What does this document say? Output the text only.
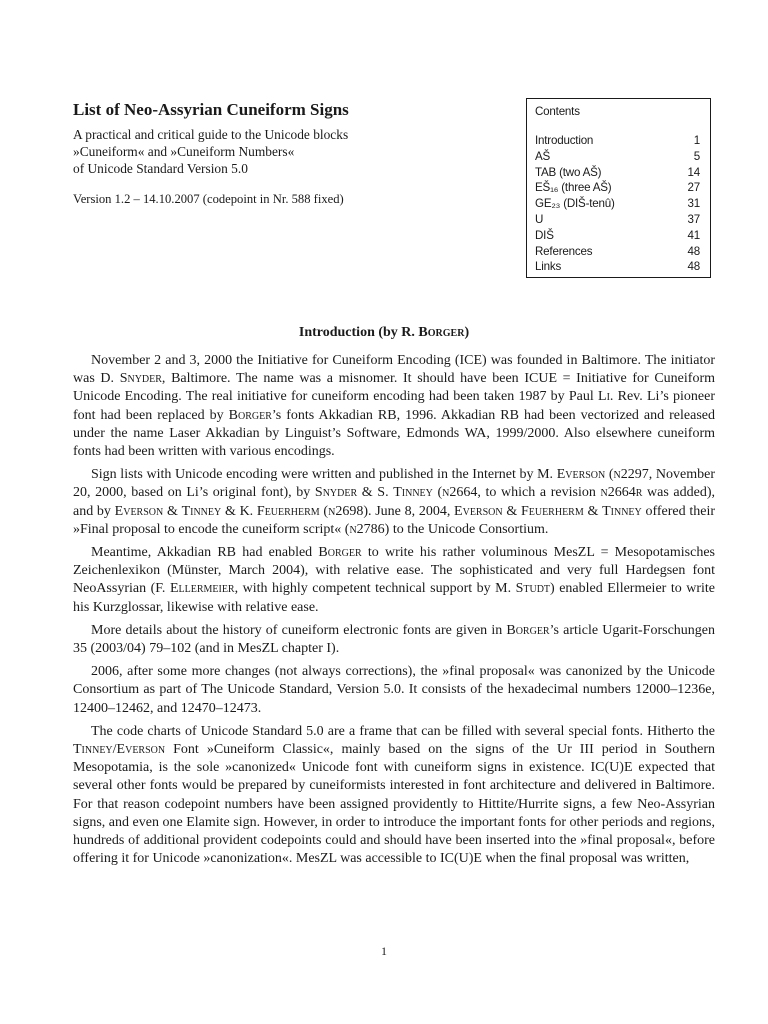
List of Neo-Assyrian Cuneiform Signs
A practical and critical guide to the Unicode blocks
»Cuneiform« and »Cuneiform Numbers«
of Unicode Standard Version 5.0
Version 1.2 – 14.10.2007 (codepoint in Nr. 588 fixed)
Contents
Introduction	1
AŠ	5
TAB (two AŠ)	14
EŠ₁₆ (three AŠ)	27
GE₂₃ (DIŠ-tenû)	31
U	37
DIŠ	41
References	48
Links	48
Introduction (by R. Borger)

November 2 and 3, 2000 the Initiative for Cuneiform Encoding (ICE) was founded in Baltimore. The initiator was D. Snyder, Baltimore. The name was a misnomer. It should have been ICUE = Initiative for Cuneiform Unicode Encoding. The real initiative for cuneiform encoding had been taken 1987 by Paul Li. Rev. Li’s pioneer font had been replaced by Borger’s fonts Akkadian RB, 1996. Akkadian RB had been vectorized and released under the name Laser Akkadian by Linguist’s Software, Edmonds WA, 1999/2000. Also elsewhere cuneiform fonts had been written with various encodings.

Sign lists with Unicode encoding were written and published in the Internet by M. Everson (n2297, November 20, 2000, based on Li’s original font), by Snyder & S. Tinney (n2664, to which a revision n2664r was added), and by Everson & Tinney & K. Feuerherm (n2698). June 8, 2004, Everson & Feuerherm & Tinney offered their »Final proposal to encode the cuneiform script« (n2786) to the Unicode Consortium.

Meantime, Akkadian RB had enabled Borger to write his rather voluminous MesZL = Mesopotamisches Zeichenlexikon (Münster, March 2004), with relative ease. The sophisticated and very full Hardegsen font NeoAssyrian (F. Ellermeier, with highly competent technical support by M. Studt) enabled Ellermeier to write his Kurzglossar, likewise with relative ease.

More details about the history of cuneiform electronic fonts are given in Borger’s article Ugarit-Forschungen 35 (2003/04) 79–102 (and in MesZL chapter I).

2006, after some more changes (not always corrections), the »final proposal« was canonized by the Unicode Consortium as part of The Unicode Standard, Version 5.0. It consists of the hexadecimal numbers 12000–1236e, 12400–12462, and 12470–12473.

The code charts of Unicode Standard 5.0 are a frame that can be filled with several special fonts. Hitherto the Tinney/Everson Font »Cuneiform Classic«, mainly based on the signs of the Ur III period in Southern Mesopotamia, is the sole »canonized« Unicode font with cuneiform signs in existence. IC(U)E expected that several other fonts would be prepared by cuneiformists interested in font architecture and delivered in Baltimore. For that reason codepoint numbers have been assigned providently to Hittite/Hurrite signs, a few Neo-Assyrian signs, and even one Elamite sign. However, in order to introduce the important fonts for other periods and regions, hundreds of additional provident codepoints could and should have been inserted into the »final proposal«, before offering it for Unicode »canonization«. MesZL was accessible to IC(U)E when the final proposal was written,

1
